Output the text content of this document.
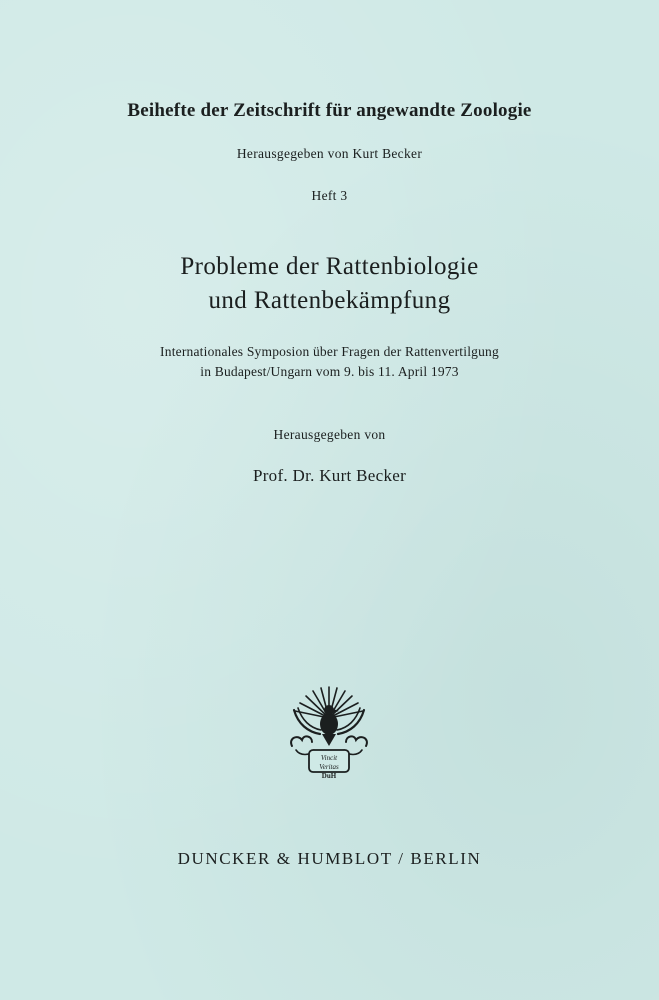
Beihefte der Zeitschrift für angewandte Zoologie
Herausgegeben von Kurt Becker
Heft 3
Probleme der Rattenbiologie
und Rattenbekämpfung
Internationales Symposion über Fragen der Rattenvertilgung
in Budapest/Ungarn vom 9. bis 11. April 1973
Herausgegeben von
Prof. Dr. Kurt Becker
Vincit
Veritas
DuH
DUNCKER & HUMBLOT / BERLIN
